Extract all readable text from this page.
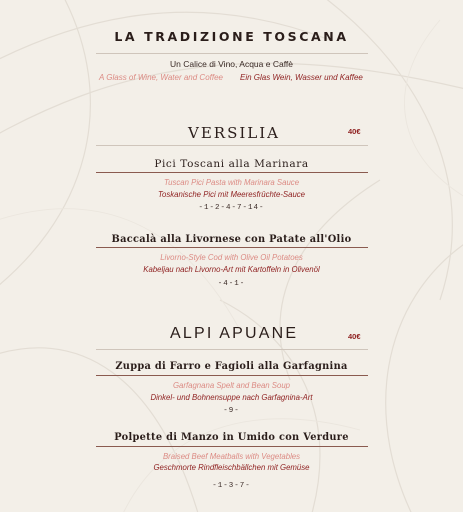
LA TRADIZIONE TOSCANA
Un Calice di Vino, Acqua e Caffè
A Glass of Wine, Water and Coffee Ein Glas Wein, Wasser und Kaffee
VERSILIA	40€
Pici Toscani alla Marinara
Tuscan Pici Pasta with Marinara Sauce
Toskanische Pici mit Meeresfrüchte-Sauce
-1-2-4-7-14-
Baccalà alla Livornese con Patate all'Olio
Livorno-Style Cod with Olive Oil Potatoes
Kabeljau nach Livorno-Art mit Kartoffeln in Olivenöl
-4-1-
ALPI APUANE	40€
Zuppa di Farro e Fagioli alla Garfagnina
Garfagnana Spelt and Bean Soup
Dinkel- und Bohnensuppe nach Garfagnina-Art
-9-
Polpette di Manzo in Umido con Verdure
Braised Beef Meatballs with Vegetables
Geschmorte Rindfleischbällchen mit Gemüse
-1-3-7-
